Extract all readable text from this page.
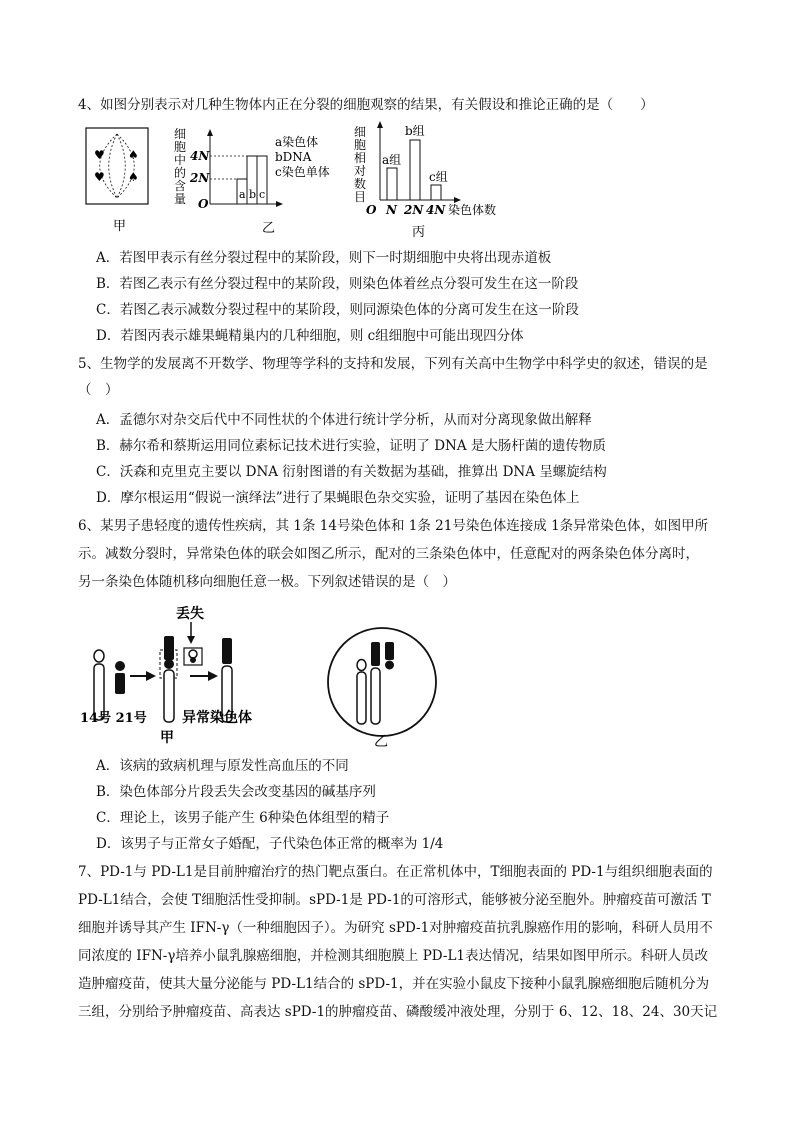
4、如图分别表示对几种生物体内正在分裂的细胞观察的结果，有关假设和推论正确的是（　　）
♥ ♠
♥ ♠
甲
细
胞
中
的
含
量
4N
2N
O
a b c
a染色体
bDNA
c染色单体
乙
细
胞
相
对
数
目
a组
b组
c组
O N 2N 4N 染色体数
丙
A．若图甲表示有丝分裂过程中的某阶段，则下一时期细胞中央将出现赤道板
B．若图乙表示有丝分裂过程中的某阶段，则染色体着丝点分裂可发生在这一阶段
C．若图乙表示减数分裂过程中的某阶段，则同源染色体的分离可发生在这一阶段
D．若图丙表示雄果蝇精巢内的几种细胞，则 c组细胞中可能出现四分体
5、生物学的发展离不开数学、物理等学科的支持和发展，下列有关高中生物学中科学史的叙述，错误的是
（　）
A．孟德尔对杂交后代中不同性状的个体进行统计学分析，从而对分离现象做出解释
B．赫尔希和蔡斯运用同位素标记技术进行实验，证明了 DNA 是大肠杆菌的遗传物质
C．沃森和克里克主要以 DNA 衍射图谱的有关数据为基础，推算出 DNA 呈螺旋结构
D．摩尔根运用“假说一演绎法”进行了果蝇眼色杂交实验，证明了基因在染色体上
6、某男子患轻度的遗传性疾病，其 1条 14号染色体和 1条 21号染色体连接成 1条异常染色体，如图甲所
示。减数分裂时，异常染色体的联会如图乙所示，配对的三条染色体中，任意配对的两条染色体分离时，
另一条染色体随机移向细胞任意一极。下列叙述错误的是（　）
丢失
14号 21号	异常染色体
甲	乙
A．该病的致病机理与原发性高血压的不同
B．染色体部分片段丢失会改变基因的碱基序列
C．理论上，该男子能产生 6种染色体组型的精子
D．该男子与正常女子婚配，子代染色体正常的概率为 1/4
7、PD-1与 PD-L1是目前肿瘤治疗的热门靶点蛋白。在正常机体中，T细胞表面的 PD-1与组织细胞表面的
PD-L1结合，会使 T细胞活性受抑制。sPD-1是 PD-1的可溶形式，能够被分泌至胞外。肿瘤疫苗可激活 T
细胞并诱导其产生 IFN-γ（一种细胞因子）。为研究 sPD-1对肿瘤疫苗抗乳腺癌作用的影响，科研人员用不
同浓度的 IFN-γ培养小鼠乳腺癌细胞，并检测其细胞膜上 PD-L1表达情况，结果如图甲所示。科研人员改
造肿瘤疫苗，使其大量分泌能与 PD-L1结合的 sPD-1，并在实验小鼠皮下接种小鼠乳腺癌细胞后随机分为
三组，分别给予肿瘤疫苗、高表达 sPD-1的肿瘤疫苗、磷酸缓冲液处理，分别于 6、12、18、24、30天记
